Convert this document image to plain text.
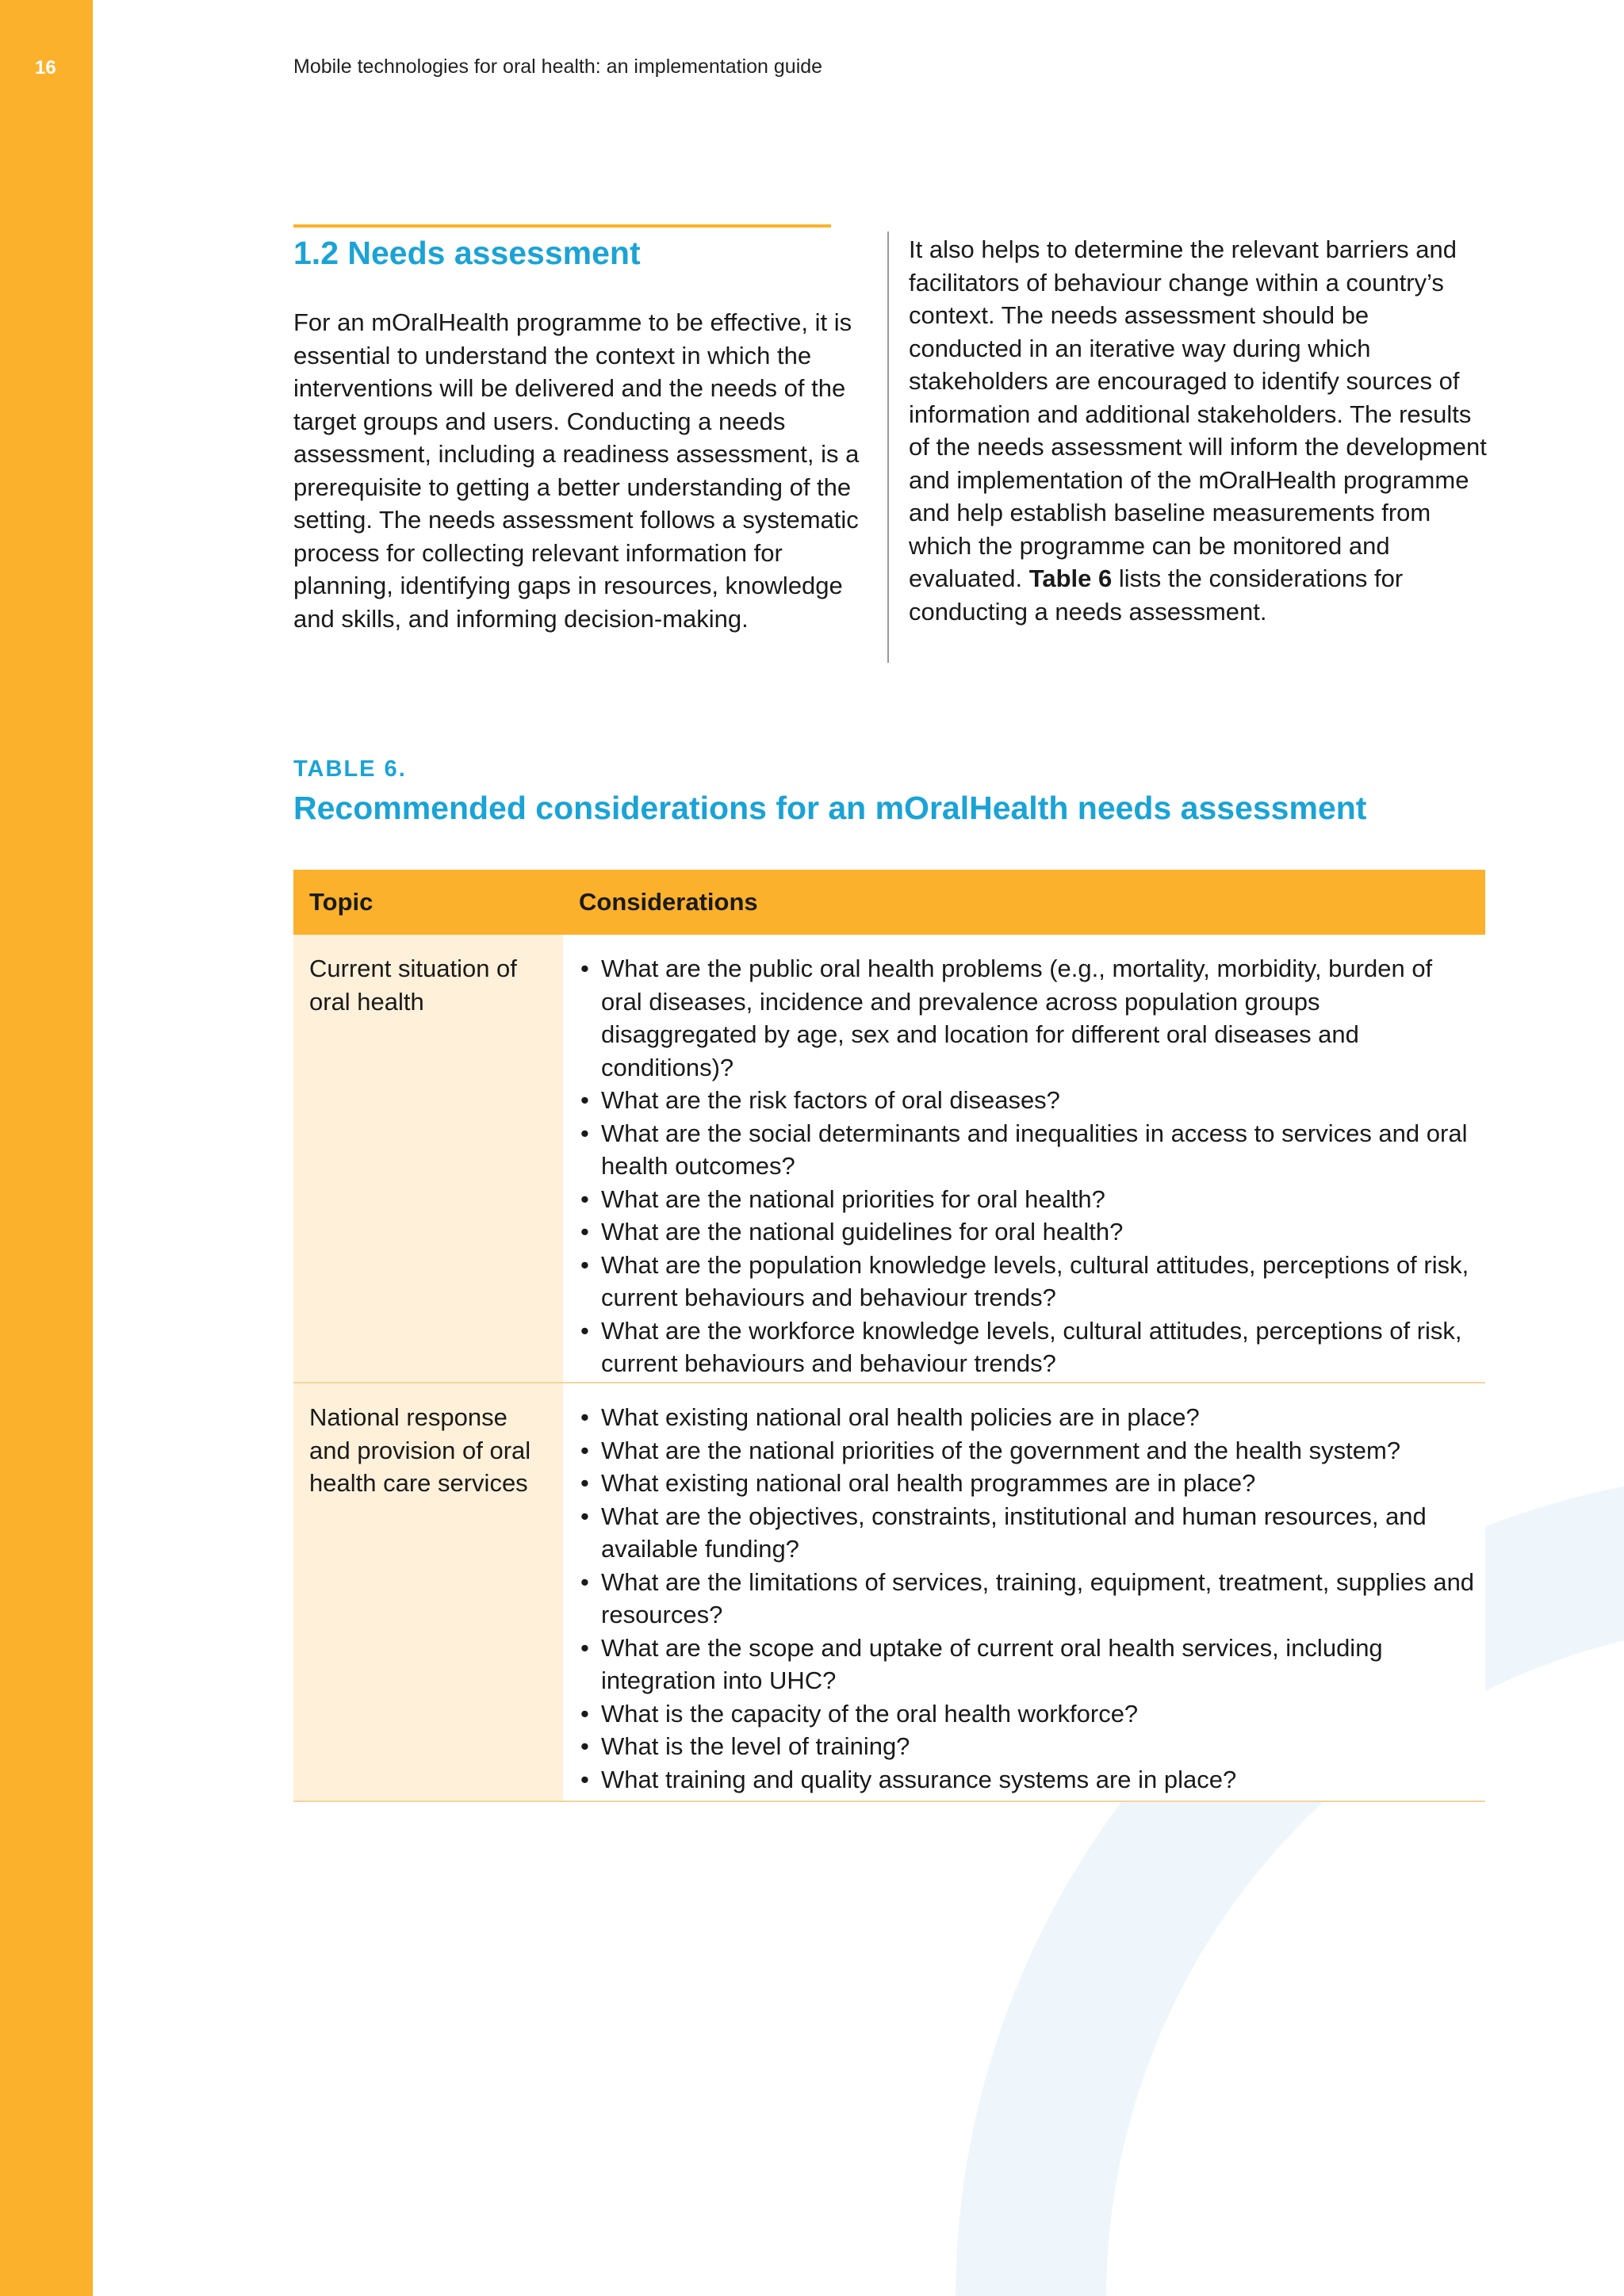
16	Mobile technologies for oral health: an implementation guide
1.2 Needs assessment

For an mOralHealth programme to be effective, it is essential to understand the context in which the interventions will be delivered and the needs of the target groups and users. Conducting a needs assessment, including a readiness assessment, is a prerequisite to getting a better understanding of the setting. The needs assessment follows a systematic process for collecting relevant information for planning, identifying gaps in resources, knowledge and skills, and informing decision-making.

It also helps to determine the relevant barriers and facilitators of behaviour change within a country’s context. The needs assessment should be conducted in an iterative way during which stakeholders are encouraged to identify sources of information and additional stakeholders. The results of the needs assessment will inform the development and implementation of the mOralHealth programme and help establish baseline measurements from which the programme can be monitored and evaluated. Table 6 lists the considerations for conducting a needs assessment.
TABLE 6.
Recommended considerations for an mOralHealth needs assessment
Topic	Considerations
Current situation of oral health
• What are the public oral health problems (e.g., mortality, morbidity, burden of oral diseases, incidence and prevalence across population groups disaggregated by age, sex and location for different oral diseases and conditions)?
• What are the risk factors of oral diseases?
• What are the social determinants and inequalities in access to services and oral health outcomes?
• What are the national priorities for oral health?
• What are the national guidelines for oral health?
• What are the population knowledge levels, cultural attitudes, perceptions of risk, current behaviours and behaviour trends?
• What are the workforce knowledge levels, cultural attitudes, perceptions of risk, current behaviours and behaviour trends?
National response and provision of oral health care services
• What existing national oral health policies are in place?
• What are the national priorities of the government and the health system?
• What existing national oral health programmes are in place?
• What are the objectives, constraints, institutional and human resources, and available funding?
• What are the limitations of services, training, equipment, treatment, supplies and resources?
• What are the scope and uptake of current oral health services, including integration into UHC?
• What is the capacity of the oral health workforce?
• What is the level of training?
• What training and quality assurance systems are in place?
